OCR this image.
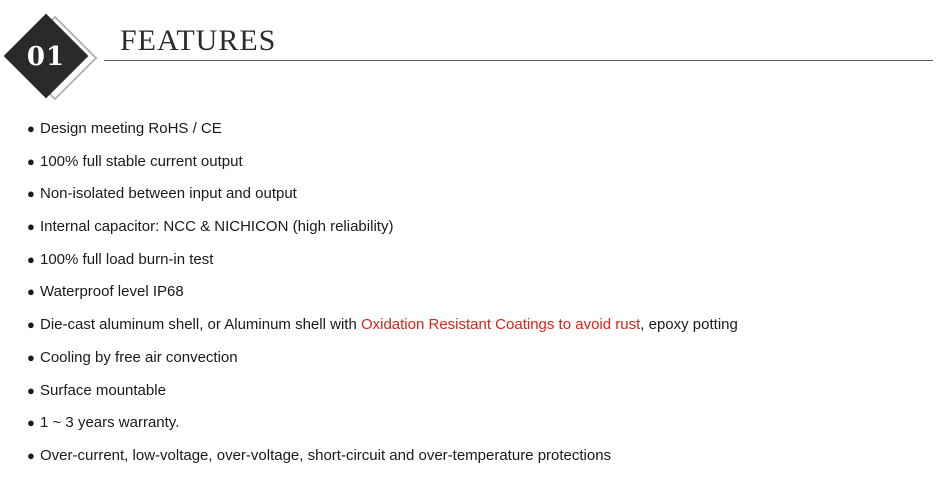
01	FEATURES
● Design meeting RoHS / CE
● 100% full stable current output
● Non-isolated between input and output
● Internal capacitor: NCC & NICHICON (high reliability)
● 100% full load burn-in test
● Waterproof level IP68
● Die-cast aluminum shell, or Aluminum shell with Oxidation Resistant Coatings to avoid rust, epoxy potting
● Cooling by free air convection
● Surface mountable
● 1 ~ 3 years warranty.
● Over-current, low-voltage, over-voltage, short-circuit and over-temperature protections
